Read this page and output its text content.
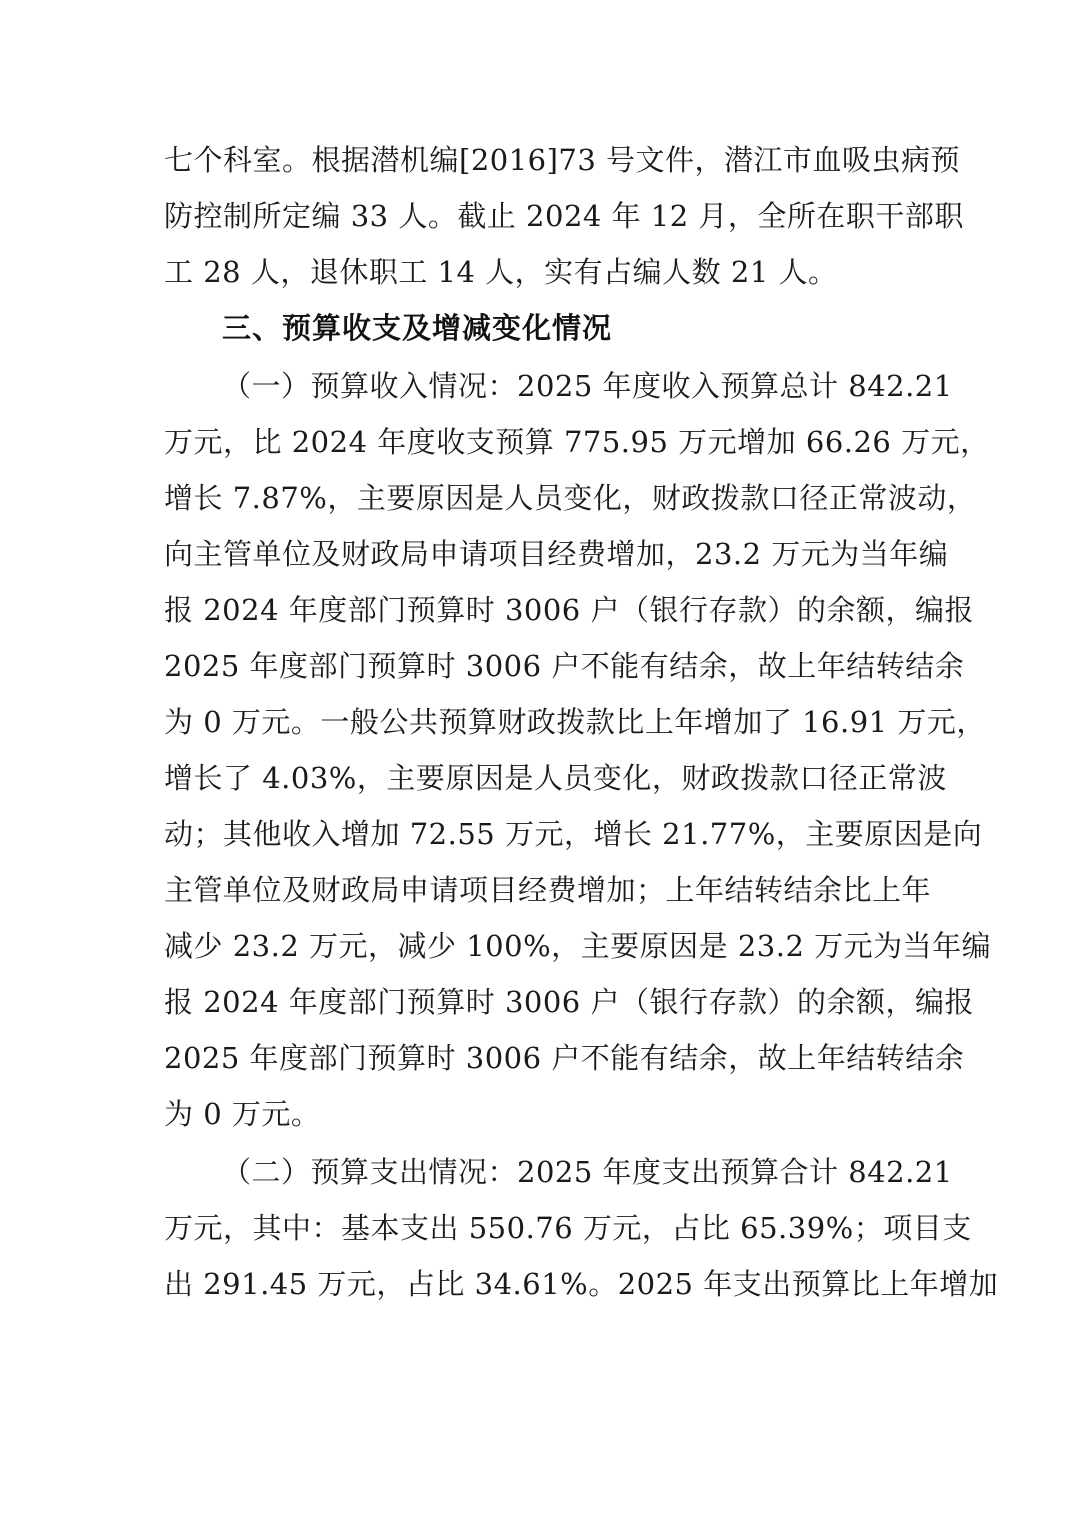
七个科室。根据潜机编[2016]73 号文件，潜江市血吸虫病预
防控制所定编 33 人。截止 2024 年 12 月，全所在职干部职
工 28 人，退休职工 14 人，实有占编人数 21 人。
三、预算收支及增减变化情况
（一）预算收入情况：2025 年度收入预算总计 842.21
万元，比 2024 年度收支预算 775.95 万元增加 66.26 万元，
增长 7.87%，主要原因是人员变化，财政拨款口径正常波动，
向主管单位及财政局申请项目经费增加，23.2 万元为当年编
报 2024 年度部门预算时 3006 户（银行存款）的余额，编报
2025 年度部门预算时 3006 户不能有结余，故上年结转结余
为 0 万元。一般公共预算财政拨款比上年增加了 16.91 万元，
增长了 4.03%，主要原因是人员变化，财政拨款口径正常波
动；其他收入增加 72.55 万元，增长 21.77%，主要原因是向
主管单位及财政局申请项目经费增加；上年结转结余比上年
减少 23.2 万元，减少 100%，主要原因是 23.2 万元为当年编
报 2024 年度部门预算时 3006 户（银行存款）的余额，编报
2025 年度部门预算时 3006 户不能有结余，故上年结转结余
为 0 万元。
（二）预算支出情况：2025 年度支出预算合计 842.21
万元，其中：基本支出 550.76 万元，占比 65.39%；项目支
出 291.45 万元，占比 34.61%。2025 年支出预算比上年增加
